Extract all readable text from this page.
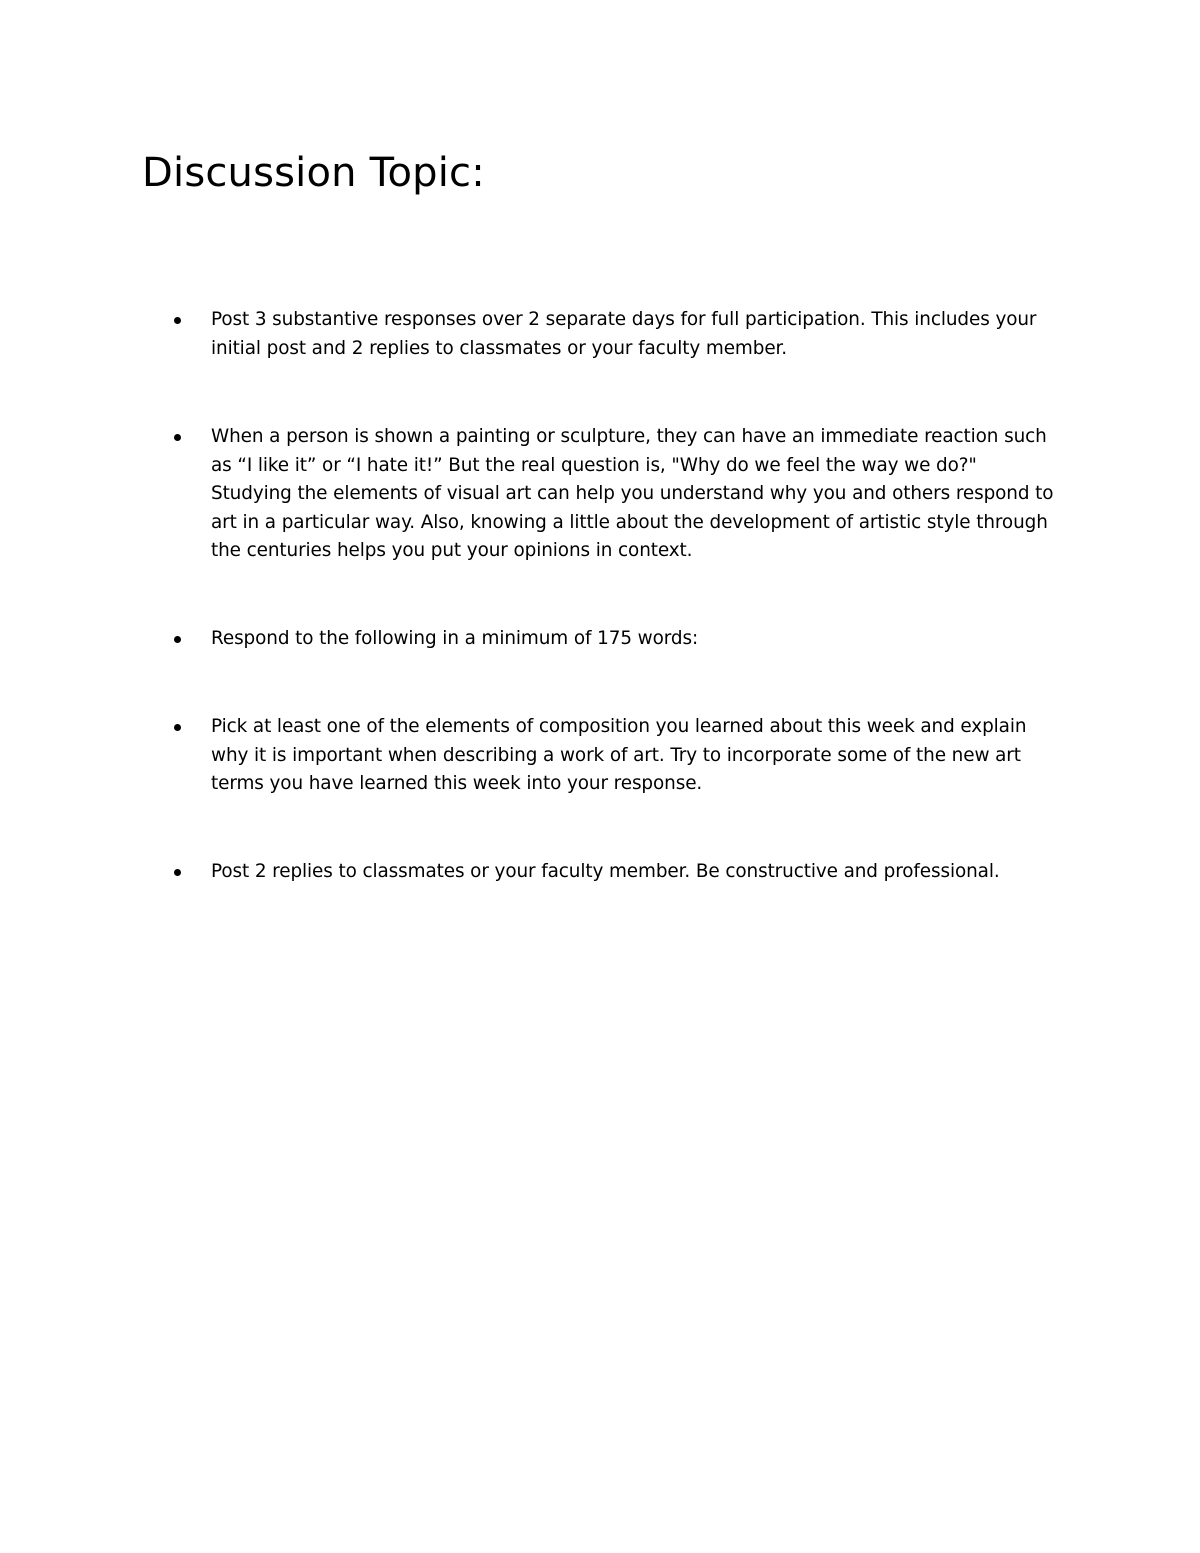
Discussion Topic:
Post 3 substantive responses over 2 separate days for full participation. This includes your initial post and 2 replies to classmates or your faculty member.
When a person is shown a painting or sculpture, they can have an immediate reaction such as “I like it” or “I hate it!” But the real question is, "Why do we feel the way we do?" Studying the elements of visual art can help you understand why you and others respond to art in a particular way. Also, knowing a little about the development of artistic style through the centuries helps you put your opinions in context.
Respond to the following in a minimum of 175 words:
Pick at least one of the elements of composition you learned about this week and explain why it is important when describing a work of art. Try to incorporate some of the new art terms you have learned this week into your response.
Post 2 replies to classmates or your faculty member. Be constructive and professional.
